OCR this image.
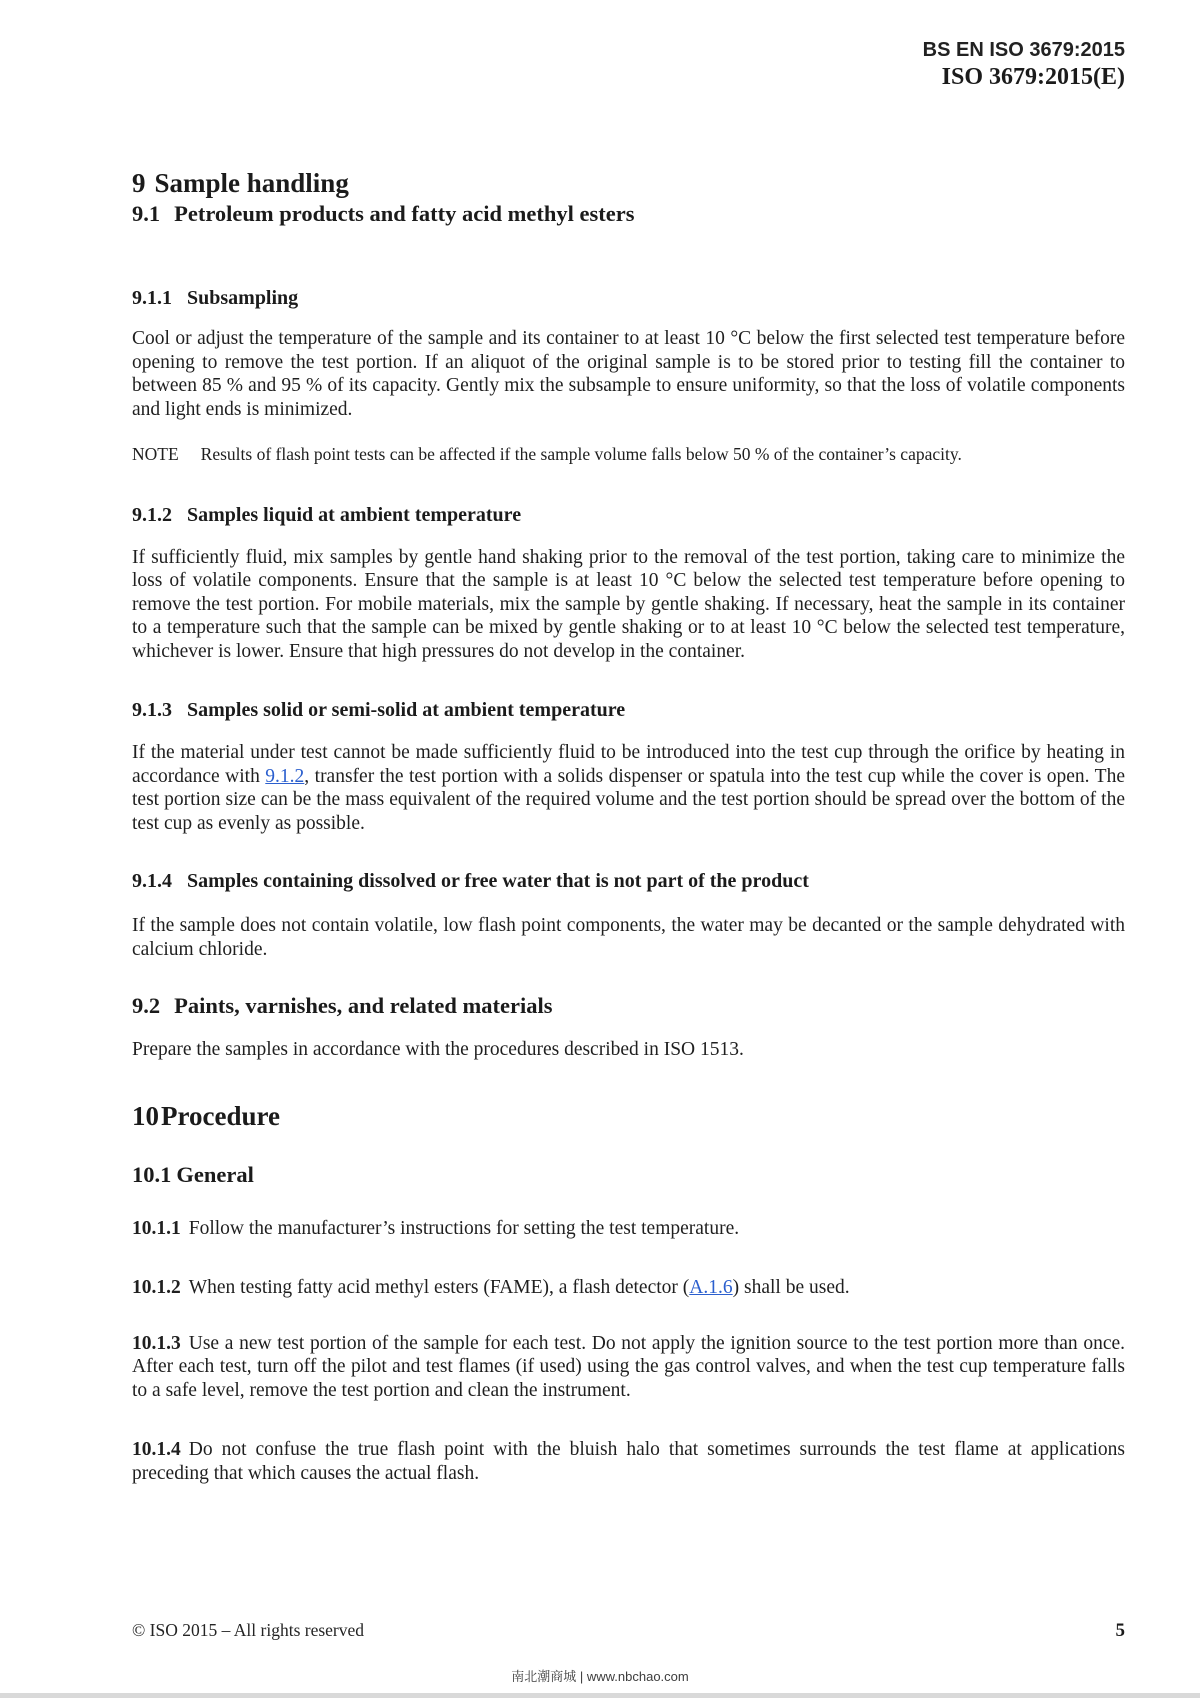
BS EN ISO 3679:2015
ISO 3679:2015(E)
9 Sample handling
9.1 Petroleum products and fatty acid methyl esters
9.1.1 Subsampling

Cool or adjust the temperature of the sample and its container to at least 10 °C below the first selected test temperature before opening to remove the test portion. If an aliquot of the original sample is to be stored prior to testing fill the container to between 85 % and 95 % of its capacity. Gently mix the subsample to ensure uniformity, so that the loss of volatile components and light ends is minimized.

NOTE Results of flash point tests can be affected if the sample volume falls below 50 % of the container’s capacity.

9.1.2 Samples liquid at ambient temperature

If sufficiently fluid, mix samples by gentle hand shaking prior to the removal of the test portion, taking care to minimize the loss of volatile components. Ensure that the sample is at least 10 °C below the selected test temperature before opening to remove the test portion. For mobile materials, mix the sample by gentle shaking. If necessary, heat the sample in its container to a temperature such that the sample can be mixed by gentle shaking or to at least 10 °C below the selected test temperature, whichever is lower. Ensure that high pressures do not develop in the container.

9.1.3 Samples solid or semi-solid at ambient temperature

If the material under test cannot be made sufficiently fluid to be introduced into the test cup through the orifice by heating in accordance with 9.1.2, transfer the test portion with a solids dispenser or spatula into the test cup while the cover is open. The test portion size can be the mass equivalent of the required volume and the test portion should be spread over the bottom of the test cup as evenly as possible.

9.1.4 Samples containing dissolved or free water that is not part of the product

If the sample does not contain volatile, low flash point components, the water may be decanted or the sample dehydrated with calcium chloride.

9.2 Paints, varnishes, and related materials

Prepare the samples in accordance with the procedures described in ISO 1513.

10Procedure
10.1 General

10.1.1 Follow the manufacturer’s instructions for setting the test temperature.

10.1.2 When testing fatty acid methyl esters (FAME), a flash detector (A.1.6) shall be used.

10.1.3 Use a new test portion of the sample for each test. Do not apply the ignition source to the test portion more than once. After each test, turn off the pilot and test flames (if used) using the gas control valves, and when the test cup temperature falls to a safe level, remove the test portion and clean the instrument.

10.1.4 Do not confuse the true flash point with the bluish halo that sometimes surrounds the test flame at applications preceding that which causes the actual flash.

© ISO 2015 – All rights reserved	5
南北潮商城 | www.nbchao.com
